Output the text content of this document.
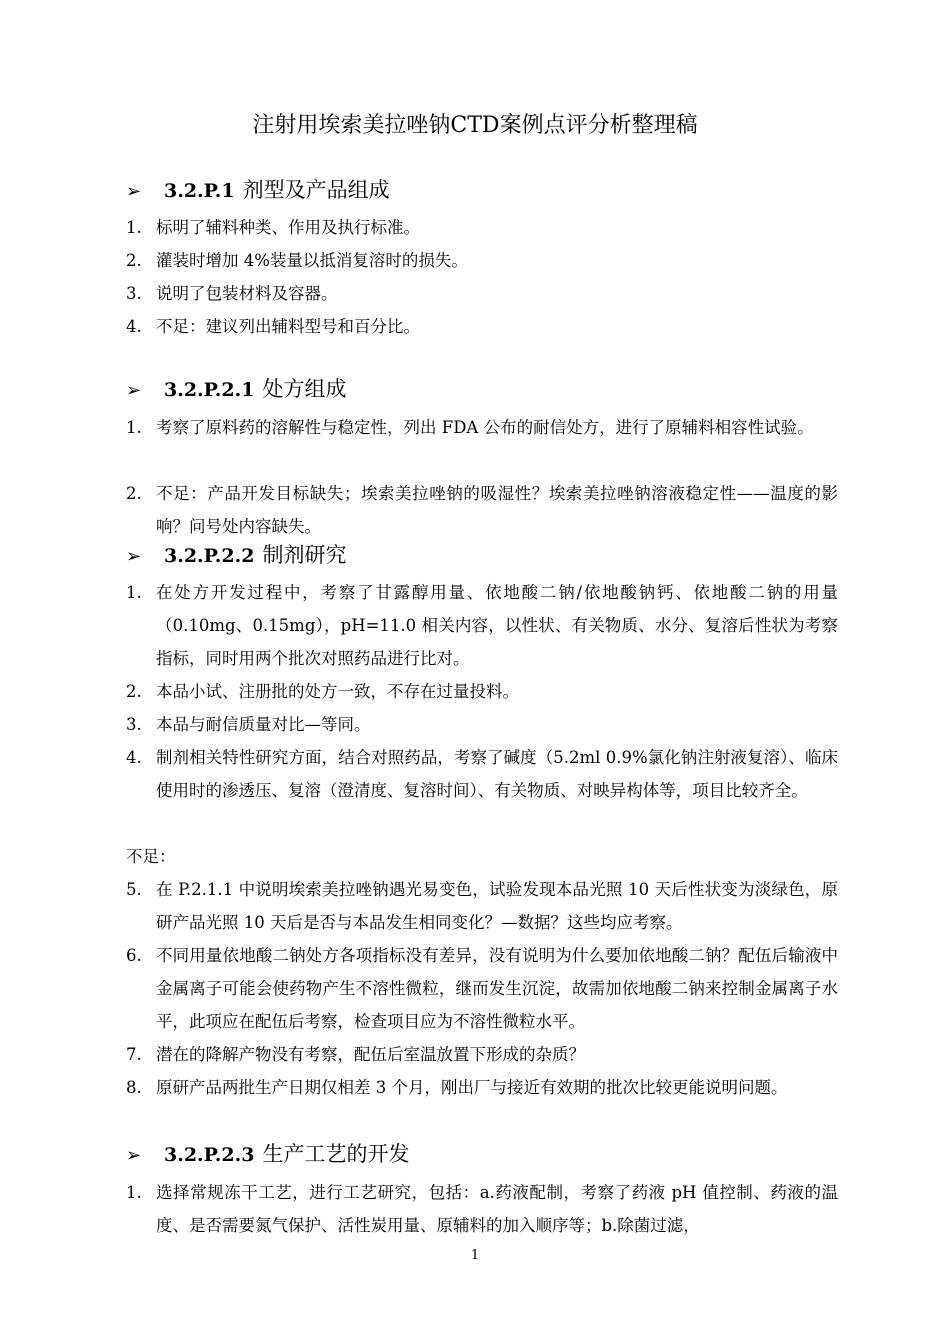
注射用埃索美拉唑钠CTD案例点评分析整理稿
➢ 3.2.P.1 剂型及产品组成
1. 标明了辅料种类、作用及执行标准。
2. 灌装时增加 4%装量以抵消复溶时的损失。
3. 说明了包装材料及容器。
4. 不足：建议列出辅料型号和百分比。
➢ 3.2.P.2.1 处方组成
1. 考察了原料药的溶解性与稳定性，列出 FDA 公布的耐信处方，进行了原辅料相容性试验。
2. 不足：产品开发目标缺失；埃索美拉唑钠的吸湿性？埃索美拉唑钠溶液稳定性——温度的影响？问号处内容缺失。
➢ 3.2.P.2.2 制剂研究
1. 在处方开发过程中，考察了甘露醇用量、依地酸二钠/依地酸钠钙、依地酸二钠的用量（0.10mg、0.15mg），pH=11.0 相关内容，以性状、有关物质、水分、复溶后性状为考察指标，同时用两个批次对照药品进行比对。
2. 本品小试、注册批的处方一致，不存在过量投料。
3. 本品与耐信质量对比—等同。
4. 制剂相关特性研究方面，结合对照药品，考察了碱度（5.2ml 0.9%氯化钠注射液复溶）、临床使用时的渗透压、复溶（澄清度、复溶时间）、有关物质、对映异构体等，项目比较齐全。
不足：
5. 在 P.2.1.1 中说明埃索美拉唑钠遇光易变色，试验发现本品光照 10 天后性状变为淡绿色，原研产品光照 10 天后是否与本品发生相同变化？—数据？这些均应考察。
6. 不同用量依地酸二钠处方各项指标没有差异，没有说明为什么要加依地酸二钠？配伍后输液中金属离子可能会使药物产生不溶性微粒，继而发生沉淀，故需加依地酸二钠来控制金属离子水平，此项应在配伍后考察，检查项目应为不溶性微粒水平。
7. 潜在的降解产物没有考察，配伍后室温放置下形成的杂质？
8. 原研产品两批生产日期仅相差 3 个月，刚出厂与接近有效期的批次比较更能说明问题。
➢ 3.2.P.2.3 生产工艺的开发
1. 选择常规冻干工艺，进行工艺研究，包括：a.药液配制，考察了药液 pH 值控制、药液的温度、是否需要氮气保护、活性炭用量、原辅料的加入顺序等；b.除菌过滤，
1
